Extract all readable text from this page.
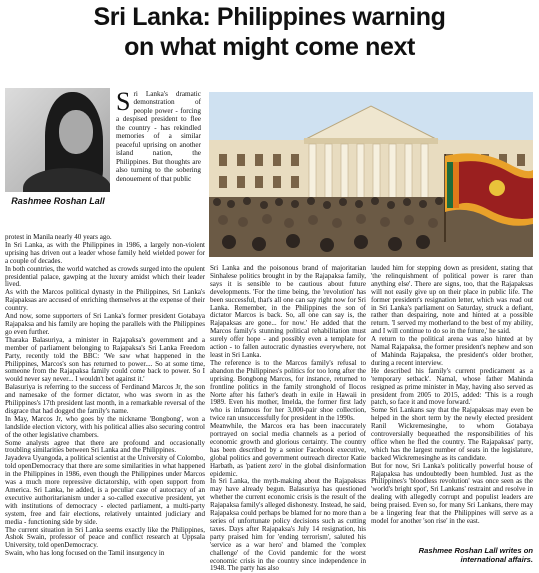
Sri Lanka: Philippines warning
on what might come next

Rashmee Roshan Lall

Sri Lanka's dramatic demonstration of people power - forcing a despised president to flee the country - has rekindled memories of a similar peaceful uprising on another island nation, the Philippines. But thoughts are also turning to the sobering denouement of that public

protest in Manila nearly 40 years ago.

In Sri Lanka, as with the Philippines in 1986, a largely non-violent uprising has driven out a leader whose family held wielded power for a couple of decades.

In both countries, the world watched as crowds surged into the opulent presidential palace, gawping at the luxury amidst which their leader lived.

As with the Marcos political dynasty in the Philippines, Sri Lanka's Rajapaksas are accused of enriching themselves at the expense of their country.

And now, some supporters of Sri Lanka's former president Gotabaya Rajapaksa and his family are hoping the parallels with the Philippines go even further.

Tharaka Balasuriya, a minister in Rajapaksa's government and a member of parliament belonging to Rajapaksa's Sri Lanka Freedom Party, recently told the BBC: 'We saw what happened in the Philippines, Marcos's son has returned to power.... So at some time, someone from the Rajapaksa family could come back to power. So I would never say never... I wouldn't bet against it.'

Balasuriya is referring to the success of Ferdinand Marcos Jr, the son and namesake of the former dictator, who was sworn in as the Philippines's 17th president last month, in a remarkable reversal of the disgrace that had dogged the family's name.

In May, Marcos Jr, who goes by the nickname 'Bongbong', won a landslide election victory, with his political allies also securing control of the other legislative chambers.

Some analysts agree that there are profound and occasionally troubling similarities between Sri Lanka and the Philippines.

Jayadeva Uyangoda, a political scientist at the University of Colombo, told openDemocracy that there are some similarities in what happened in the Philippines in 1986, even though the Philippines under Marcos was a much more repressive dictatorship, with open support from America. Sri Lanka, he added, is a peculiar case of autocracy of an executive authoritarianism under a so-called executive president, yet with institutions of democracy - elected parliament, a multi-party system, free and fair elections, relatively untainted judiciary and media - functioning side by side.

The current situation in Sri Lanka seems exactly like the Philippines, Ashok Swain, professor of peace and conflict research at Uppsala University, told openDemocracy.

Swain, who has long focused on the Tamil insurgency in

Sri Lanka and the poisonous brand of majoritarian Sinhalese politics brought in by the Rajapaksa family, says it is sensible to be cautious about future developments. 'For the time being, the 'revolution' has been successful, that's all one can say right now for Sri Lanka. Remember, in the Philippines the son of dictator Marcos is back. So, all one can say is, the Rajapaksas are gone... for now.' He added that the Marcos family's stunning political rehabilitation must surely offer hope - and possibly even a template for action - to fallen autocratic dynasties everywhere, not least in Sri Lanka.

The reference is to the Marcos family's refusal to abandon the Philippines's politics for too long after the uprising. Bongbong Marcos, for instance, returned to frontline politics in the family stronghold of Ilocos Norte after his father's death in exile in Hawaii in 1989. Even his mother, Imelda, the former first lady who is infamous for her 3,000-pair shoe collection, twice ran unsuccessfully for president in the 1990s.

Meanwhile, the Marcos era has been inaccurately portrayed on social media channels as a period of economic growth and glorious certainty. The country has been described by a senior Facebook executive, global politics and government outreach director Katie Harbath, as 'patient zero' in the global disinformation epidemic.

In Sri Lanka, the myth-making about the Rajapaksas may have already begun. Balasuriya has questioned whether the current economic crisis is the result of the Rajapaksa family's alleged dishonesty. Instead, he said, Rajapaksa could perhaps be blamed for no more than a series of unfortunate policy decisions such as cutting taxes. Days after Rajapaksa's July 14 resignation, his party praised him for 'ending terrorism', saluted his 'service as a war hero' and blamed the 'complex challenge' of the Covid pandemic for the worst economic crisis in the country since independence in 1948. The party has also

lauded him for stepping down as president, stating that 'the relinquishment of political power is rarer than anything else'. There are signs, too, that the Rajapaksas will not easily give up on their place in public life. The former president's resignation letter, which was read out in Sri Lanka's parliament on Saturday, struck a defiant, rather than despairing, note and hinted at a possible return. 'I served my motherland to the best of my ability, and I will continue to do so in the future,' he said.

A return to the political arena was also hinted at by Namal Rajapaksa, the former president's nephew and son of Mahinda Rajapaksa, the president's older brother, during a recent interview.

He described his family's current predicament as a 'temporary setback'. Namal, whose father Mahinda resigned as prime minister in May, having also served as president from 2005 to 2015, added: 'This is a rough patch, so face it and move forward.'

Some Sri Lankans say that the Rajapaksas may even be helped in the short term by the newly elected president Ranil Wickremesinghe, to whom Gotabaya controversially bequeathed the responsibilities of his office when he fled the country. The Rajapaksas' party, which has the largest number of seats in the legislature, backed Wickremesinghe as its candidate.

But for now, Sri Lanka's politically powerful house of Rajapaksa has undoubtedly been humbled. Just as the Philippines's 'bloodless revolution' was once seen as the 'world's bright spot', Sri Lankans' restraint and resolve in dealing with allegedly corrupt and populist leaders are being praised. Even so, for many Sri Lankans, there may be a lingering fear that the Philippines will serve as a model for another 'son rise' in the east.

Rashmee Roshan Lall writes on
international affairs.
